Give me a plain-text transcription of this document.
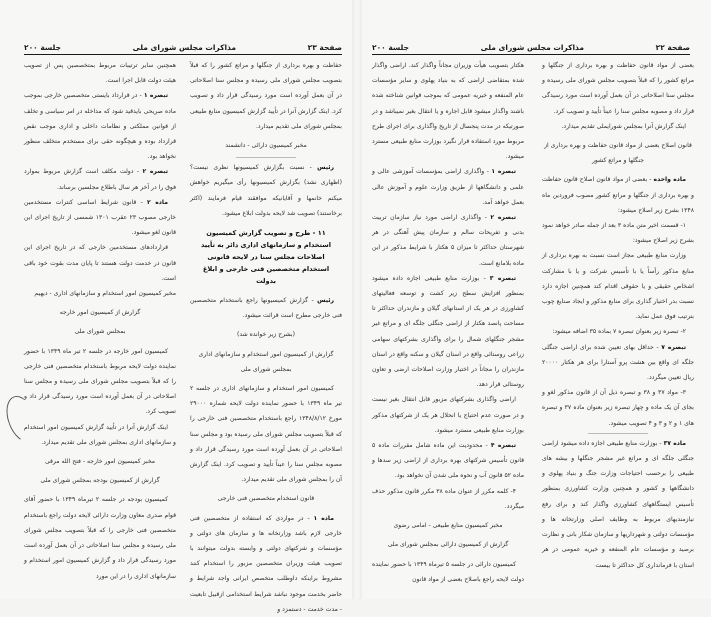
صفحة ۲۳
مذاکرات مجلس شورای ملی
جلسة ۲۰۰

حفاظت و بهره برداری از جنگلها و مراتع کشور را که قبلاً بتصویب مجلس شورای ملی رسیده و مجلس سنا اصلاحاتی در آن بعمل آورده است مورد رسیدگی قرار داد و تصویب کرد. اینک گزارش آنرا در تأیید گزارش کمیسیون منابع طبیعی بمجلس شورای ملی تقدیم میدارد.

مخبر کمیسیون دارائی - دانشمند

رئیس - نسبت بگزارش کمیسیونها نظری نیست؟ (اظهاری نشد) بگزارش کمیسیونها رأی میگیریم خواهش میکنم خانمها و آقایانیکه موافقند قیام فرمایند (اکثر برخاستند) تصویب شد لایحه بدولت ابلاغ میشود.

۱۱ - طرح و تصویب گزارش کمیسیون استخدام و سازمانهای اداری دائر به تأیید اصلاحات مجلس سنا در لایحه قانونی استخدام متخصصین فنی خارجی و ابلاغ بدولت

رئیس - گزارش کمیسیونها راجع باستخدام متخصصین فنی خارجی مطرح است قرائت میشود.

(بشرح زیر خوانده شد)

گزارش از کمیسیون امور استخدام و سازمانهای اداری بمجلس شورای ملی

کمیسیون امور استخدام و سازمانهای اداری در جلسه ۲ تیر ماه ۱۳۴۹ با حضور نماینده دولت لایحه شماره ۲۹۰۰۰ مورخ ۱۳۴۸/۸/۱۲ راجع باستخدام متخصصین فنی خارجی را که قبلاً بتصویب مجلس شورای ملی رسیده بود و مجلس سنا اصلاحاتی در آن بعمل آورده است مورد رسیدگی قرار داد و مصوبه مجلس سنا را عیناً تأیید و تصویب کرد. اینک گزارش آن را بمجلس شورای ملی تقدیم میدارد.

قانون استخدام متخصصین فنی خارجی

ماده ۱ - در مواردی که استفاده از متخصصین فنی خارجی لازم باشد وزارتخانه ها و سازمان های دولتی و مؤسسات و شرکتهای دولتی و وابسته بدولت میتوانند با تصویب هیئت وزیران متخصصین مزبور را استخدام کنند مشروط براینکه داوطلب متخصص ایرانی واجد شرایط و حاضر بخدمت موجود نباشد شرایط استخدامی ازقبیل تابعیت - مدت خدمت - دستمزد و

همچنین سایر ترتیبات مربوط بمتخصصین پس از تصویب هیئت دولت قابل اجرا است.

تبصره ۱ - در قرارداد بایستی متخصصین خارجی بموجب ماده صریحی بایدقید شود که مداخله در امر سیاسی و تخلف از قوانین مملکتی و نظامات داخلی و اداری موجب نقض قرارداد بوده و هیچگونه حقی برای مستخدم متخلف منظور نخواهد بود.

تبصره ۲ - دولت مکلف است گزارش مربوط بموارد فوق را در آخر هر سال باطلاع مجلسین برساند.

ماده ۲ - قانون شرایط اساسی کنترات مستخدمین خارجی مصوب ۲۳ عقرب ۱۳۰۱ شمسی از تاریخ اجرای این قانون لغو میشود.

قراردادهای مستخدمین خارجی که در تاریخ اجرای این قانون در خدمت دولت هستند تا پایان مدت بقوت خود باقی است.

مخبر کمیسیون امور استخدام و سازمانهای اداری - دیهیم

گزارش از کمیسیون امور خارجه

بمجلس شورای ملی

کمیسیون امور خارجه در جلسه ۲ تیر ماه ۱۳۴۹ با حضور نماینده دولت لایحه مربوط باستخدام متخصصین فنی خارجی را که قبلاً بتصویب مجلس شورای ملی رسیده و مجلس سنا اصلاحاتی در آن بعمل آورده است مورد رسیدگی قرار داد و تصویب کرد.

اینک گزارش آنرا در تأیید گزارش کمیسیون امور استخدام و سازمانهای اداری بمجلس شورای ملی تقدیم میدارد.

مخبر کمیسیون امور خارجه - فتح الله مرقی

گزارش از کمیسیون بودجه بمجلس شورای ملی

کمیسیون بودجه در جلسه ۲ تیرماه ۱۳۴۹ با حضور آقای قوام صدری معاون وزارت دارائی لایحه دولت راجع باستخدام متخصصین فنی خارجی را که قبلاً بتصویب مجلس شورای ملی رسیده و مجلس سنا اصلاحاتی در آن بعمل آورده است مورد رسیدگی قرار داد و گزارش کمیسیون امور استخدام و سازمانهای اداری را در این مورد

صفحة ۲۲
مذاکرات مجلس شورای ملی
جلسة ۲۰۰

بعضی از مواد قانون حفاظت و بهره برداری از جنگلها و مراتع کشور را که قبلاً بتصویب مجلس شورای ملی رسیده و مجلس سنا اصلاحاتی در آن بعمل آورده است مورد رسیدگی قرار داد و مصوبه مجلس سنا را عیناً تأیید و تصویب کرد.

اینک گزارش آنرا بمجلس شورایملی تقدیم میدارد.

قانون اصلاح بعضی از مواد قانون حفاظت و بهره برداری از جنگلها و مراتع کشور

ماده واحده - بعضی از مواد قانون اصلاح قانون حفاظت و بهره برداری از جنگلها و مراتع کشور مصوب فروردین ماه ۱۳۴۸ بشرح زیر اصلاح میشود:

۱- قسمت اخیر متن ماده ۳ بعد از جمله صادر خواهد نمود بشرح زیر اصلاح میشود:

وزارت منابع طبیعی مجاز است نسبت به بهره برداری از منابع مذکور رأساً یا با تأسیس شرکت و یا با مشارکت اشخاص حقیقی و یا حقوقی اقدام کند همچنین اجازه دارد نسبت بدر اختیار گذاری برای منابع مذکور و ایجاد صنایع چوب بترتیب فوق عمل نماید.

۲- تبصره زیر بعنوان تبصره ۷ بماده ۳۵ اضافه میشود:

تبصره ۷ - حداقل بهای تعیین شده برای اراضی جنگلی جلگه ای واقع بین هشت پرو آستارا برای هر هکتار ۲۰۰۰۰ ریال تعیین میگردد.

۳- مواد ۳۷ و ۳۸ و تبصره ذیل آن از قانون مذکور لغو و بجای آن یک ماده و چهار تبصره زیر بعنوان ماده ۳۷ و تبصره های ۱ و ۲ و ۳ و ۴ تصویب میشود.

ماده ۳۷ - بوزارت منابع طبیعی اجازه داده میشود اراضی جنگلی جلگه ای و مراتع غیر مشجر جنگلها و بیشه های طبیعی را برحسب احتیاجات وزارت جنگ و بنیاد پهلوی و دانشگاهها و کشور و همچنین وزارت کشاورزی بمنظور تأسیس ایستگاههای کشاورزی واگذار کند و برای رفع نیازمندیهای مربوط به وظایف اصلی وزارتخانه ها و مؤسسات دولتی و شهرداریها و سازمان شکار بانی و نظارت برصید و مؤسسات عام المنفعه و خیریه عمومی در هر استان با فرمانداری کل حداکثر تا بیست

هکتار بتصویب هیأت وزیران مجاناً واگذار کند. اراضی واگذار شده بمتقاضی اراضی که به بنیاد پهلوی و سایر مؤسسات عام المنفعه و خیریه عمومی که بموجب قوانین شناخته شده باشند واگذار میشود قابل اجاره و یا انتقال بغیر نمیباشد و در صورتیکه در مدت پنجسال از تاریخ واگذاری برای اجرای طرح مربوط مورد استفاده قرار نگیرد بوزارت منابع طبیعی مسترد میشود.

تبصره ۱ - واگذاری اراضی بمؤسسات آموزشی عالی و علمی و دانشگاهها از طریق وزارت علوم و آموزش عالی بعمل خواهد آمد.

تبصره ۲ - واگذاری اراضی مورد نیاز سازمان تربیت بدنی و تفریحات سالم و سازمان پیش آهنگی در هر شهرستان حداکثر تا میزان ۵ هکتار با شرایط مذکور در این ماده بلامانع است.

تبصره ۳ - بوزارت منابع طبیعی اجازه داده میشود بمنظور افزایش سطح زیر کشت و توسعه فعالیتهای کشاورزی در هر یک از استانهای گیلان و مازندران حداکثر تا مساحت پانصد هکتار از اراضی جنگلی جلگه ای و مراتع غیر مشجر جنگلهای شمال را برای واگذاری بشرکتهای سهامی زراعی روستائی واقع در استان گیلان و سکنه واقع در استان مازندران را مجاناً در اختیار وزارت اصلاحات ارضی و تعاون روستائی قرار دهد.

اراضی واگذاری بشرکتهای مزبور قابل انتقال بغیر نیست و در صورت عدم احتیاج یا انحلال هر یک از شرکتهای مذکور بوزارت منابع طبیعی مسترد میشود.

تبصره ۴ - محدودیت این ماده شامل مقررات ماده ۵ قانون تأسیس شرکتهای بهره برداری از اراضی زیر سدها و ماده ۵۲ قانون آب و نحوه ملی شدن آن نخواهد بود.

۴- کلمه مکرر از عنوان ماده ۳۸ مکرر قانون مذکور حذف میگردد.

مخبر کمیسیون منابع طبیعی - امامی رضوی

گزارش از کمیسیون دارائی بمجلس شورای ملی

کمیسیون دارائی در جلسه ۵ تیرماه ۱۳۴۹ با حضور نماینده دولت لایحه راجع باصلاح بعضی از مواد قانون
